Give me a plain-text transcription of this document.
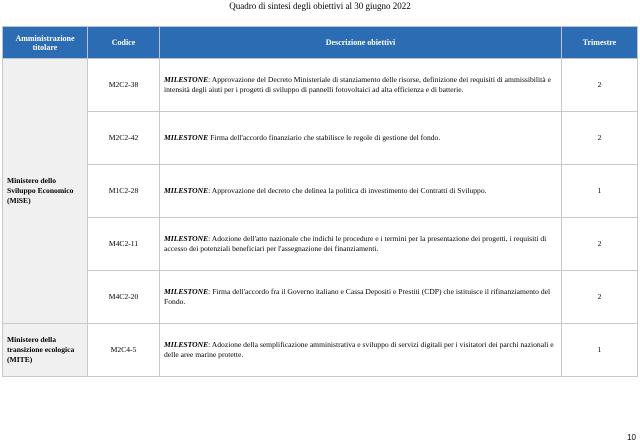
Quadro di sintesi degli obiettivi al 30 giugno 2022
Amministrazione titolare	Codice	Descrizione obiettivi	Trimestre
Ministero dello Sviluppo Economico (MiSE)	M2C2-38	MILESTONE: Approvazione del Decreto Ministeriale di stanziamento delle risorse, definizione dei requisiti di ammissibilità e intensità degli aiuti per i progetti di sviluppo di pannelli fotovoltaici ad alta efficienza e di batterie.	2
	M2C2-42	MILESTONE Firma dell'accordo finanziario che stabilisce le regole di gestione del fondo.	2
	M1C2-28	MILESTONE: Approvazione del decreto che delinea la politica di investimento dei Contratti di Sviluppo.	1
	M4C2-11	MILESTONE: Adozione dell'atto nazionale che indichi le procedure e i termini per la presentazione dei progetti, i requisiti di accesso dei potenziali beneficiari per l'assegnazione dei finanziamenti.	2
	M4C2-20	MILESTONE: Firma dell'accordo fra il Governo italiano e Cassa Depositi e Prestiti (CDP) che istituisce il rifinanziamento del Fondo.	2
Ministero della transizione ecologica (MITE)	M2C4-5	MILESTONE: Adozione della semplificazione amministrativa e sviluppo di servizi digitali per i visitatori dei parchi nazionali e delle aree marine protette.	1
10
